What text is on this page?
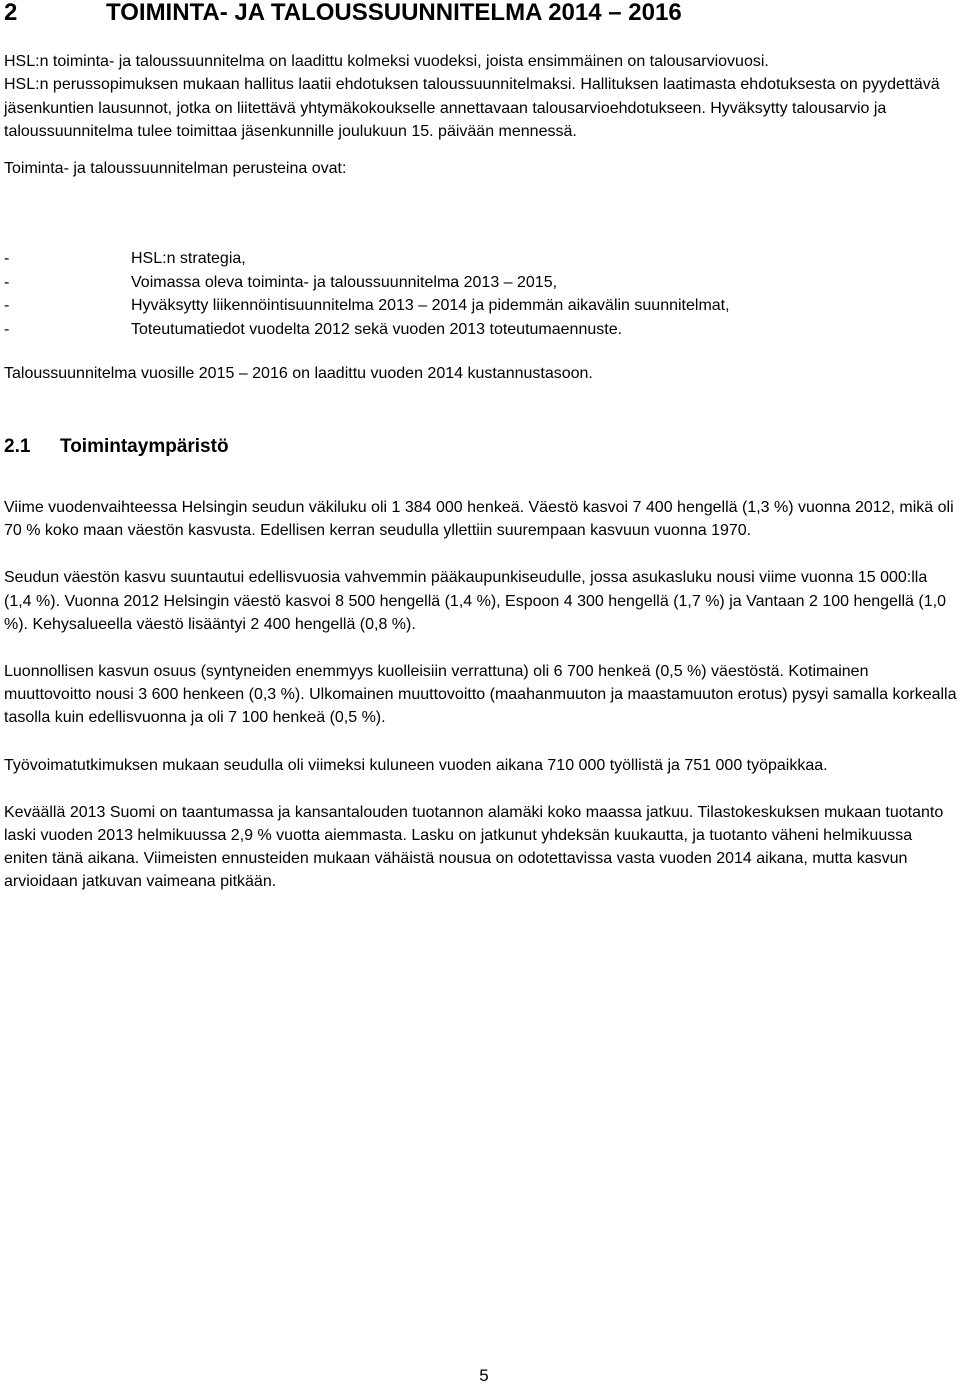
2	TOIMINTA- JA TALOUSSUUNNITELMA 2014 – 2016

HSL:n toiminta- ja taloussuunnitelma on laadittu kolmeksi vuodeksi, joista ensimmäinen on talousarviovuosi.

HSL:n perussopimuksen mukaan hallitus laatii ehdotuksen taloussuunnitelmaksi. Hallituksen laatimasta ehdotuksesta on pyydettävä jäsenkuntien lausunnot, jotka on liitettävä yhtymäkokoukselle annettavaan talousarvioehdotukseen. Hyväksytty talousarvio ja taloussuunnitelma tulee toimittaa jäsenkunnille joulukuun 15. päivään mennessä.

Toiminta- ja taloussuunnitelman perusteina ovat:

-	HSL:n strategia,
-	Voimassa oleva toiminta- ja taloussuunnitelma 2013 – 2015,
-	Hyväksytty liikennöintisuunnitelma 2013 – 2014 ja pidemmän aikavälin suunnitelmat,
-	Toteutumatiedot vuodelta 2012 sekä vuoden 2013 toteutumaennuste.
Taloussuunnitelma vuosille 2015 – 2016 on laadittu vuoden 2014 kustannustasoon.
2.1 Toimintaympäristö

Viime vuodenvaihteessa Helsingin seudun väkiluku oli 1 384 000 henkeä. Väestö kasvoi 7 400 hengellä (1,3 %) vuonna 2012, mikä oli 70 % koko maan väestön kasvusta. Edellisen kerran seudulla yllettiin suurempaan kasvuun vuonna 1970.

Seudun väestön kasvu suuntautui edellisvuosia vahvemmin pääkaupunkiseudulle, jossa asukasluku nousi viime vuonna 15 000:lla (1,4 %). Vuonna 2012 Helsingin väestö kasvoi 8 500 hengellä (1,4 %), Espoon 4 300 hengellä (1,7 %) ja Vantaan 2 100 hengellä (1,0 %). Kehysalueella väestö lisääntyi 2 400 hengellä (0,8 %).

Luonnollisen kasvun osuus (syntyneiden enemmyys kuolleisiin verrattuna) oli 6 700 henkeä (0,5 %) väestöstä. Kotimainen muuttovoitto nousi 3 600 henkeen (0,3 %). Ulkomainen muuttovoitto (maahanmuuton ja maastamuuton erotus) pysyi samalla korkealla tasolla kuin edellisvuonna ja oli 7 100 henkeä (0,5 %).

Työvoimatutkimuksen mukaan seudulla oli viimeksi kuluneen vuoden aikana 710 000 työllistä ja 751 000 työpaikkaa.

Keväällä 2013 Suomi on taantumassa ja kansantalouden tuotannon alamäki koko maassa jatkuu. Tilastokeskuksen mukaan tuotanto laski vuoden 2013 helmikuussa 2,9 % vuotta aiemmasta. Lasku on jatkunut yhdeksän kuukautta, ja tuotanto väheni helmikuussa eniten tänä aikana. Viimeisten ennusteiden mukaan vähäistä nousua on odotettavissa vasta vuoden 2014 aikana, mutta kasvun arvioidaan jatkuvan vaimeana pitkään.

5
